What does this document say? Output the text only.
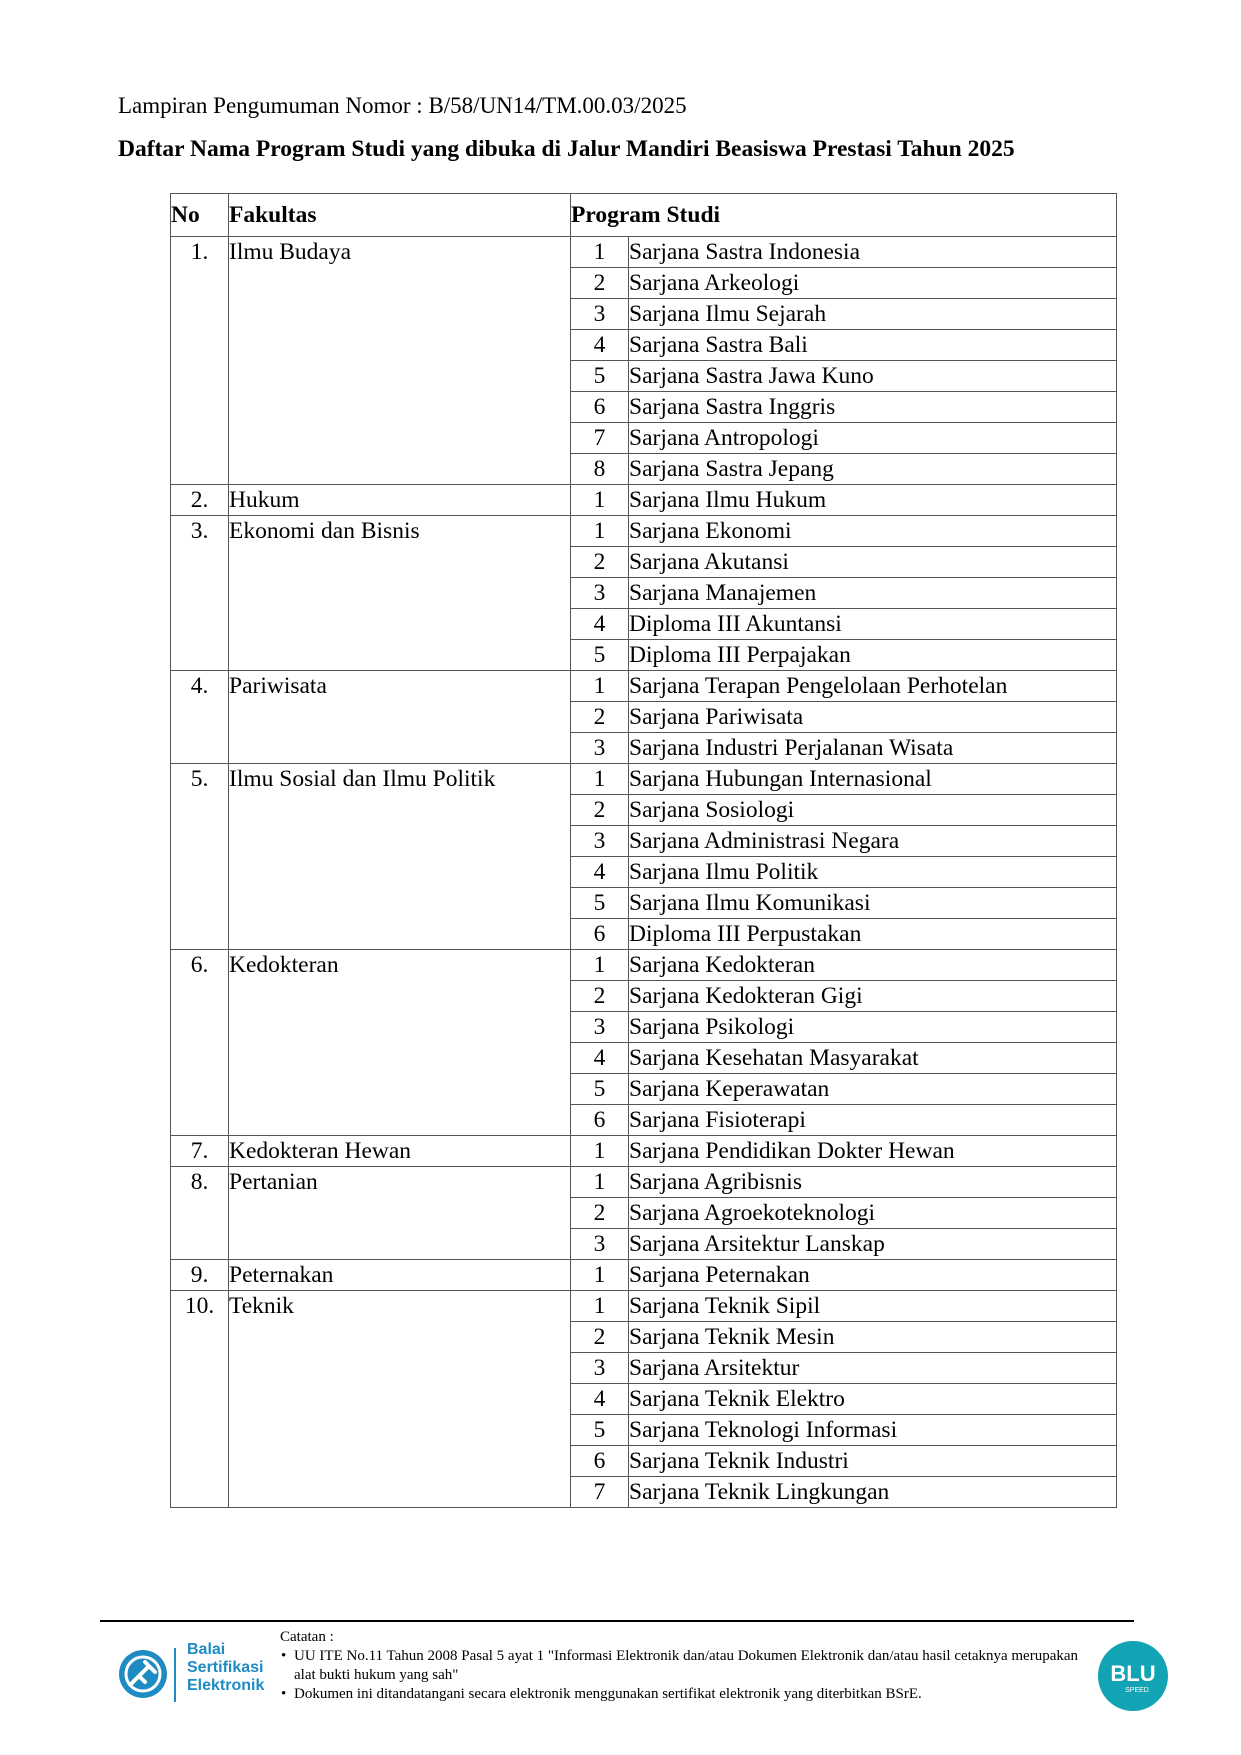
Lampiran Pengumuman Nomor : B/58/UN14/TM.00.03/2025
Daftar Nama Program Studi yang dibuka di Jalur Mandiri Beasiswa Prestasi Tahun 2025
No	Fakultas	Program Studi	
1.	Ilmu Budaya	1	Sarjana Sastra Indonesia
		2	Sarjana Arkeologi
		3	Sarjana Ilmu Sejarah
		4	Sarjana Sastra Bali
		5	Sarjana Sastra Jawa Kuno
		6	Sarjana Sastra Inggris
		7	Sarjana Antropologi
		8	Sarjana Sastra Jepang
2.	Hukum	1	Sarjana Ilmu Hukum
3.	Ekonomi dan Bisnis	1	Sarjana Ekonomi
		2	Sarjana Akutansi
		3	Sarjana Manajemen
		4	Diploma III Akuntansi
		5	Diploma III Perpajakan
4.	Pariwisata	1	Sarjana Terapan Pengelolaan Perhotelan
		2	Sarjana Pariwisata
		3	Sarjana Industri Perjalanan Wisata
5.	Ilmu Sosial dan Ilmu Politik	1	Sarjana Hubungan Internasional
		2	Sarjana Sosiologi
		3	Sarjana Administrasi Negara
		4	Sarjana Ilmu Politik
		5	Sarjana Ilmu Komunikasi
		6	Diploma III Perpustakan
6.	Kedokteran	1	Sarjana Kedokteran
		2	Sarjana Kedokteran Gigi
		3	Sarjana Psikologi
		4	Sarjana Kesehatan Masyarakat
		5	Sarjana Keperawatan
		6	Sarjana Fisioterapi
7.	Kedokteran Hewan	1	Sarjana Pendidikan Dokter Hewan
8.	Pertanian	1	Sarjana Agribisnis
		2	Sarjana Agroekoteknologi
		3	Sarjana Arsitektur Lanskap
9.	Peternakan	1	Sarjana Peternakan
10.	Teknik	1	Sarjana Teknik Sipil
		2	Sarjana Teknik Mesin
		3	Sarjana Arsitektur
		4	Sarjana Teknik Elektro
		5	Sarjana Teknologi Informasi
		6	Sarjana Teknik Industri
		7	Sarjana Teknik Lingkungan
Balai
Sertifikasi
Elektronik
Catatan :
• UU ITE No.11 Tahun 2008 Pasal 5 ayat 1 "Informasi Elektronik dan/atau Dokumen Elektronik dan/atau hasil cetaknya merupakan alat bukti hukum yang sah"
• Dokumen ini ditandatangani secara elektronik menggunakan sertifikat elektronik yang diterbitkan BSrE.
BLU
SPEED
